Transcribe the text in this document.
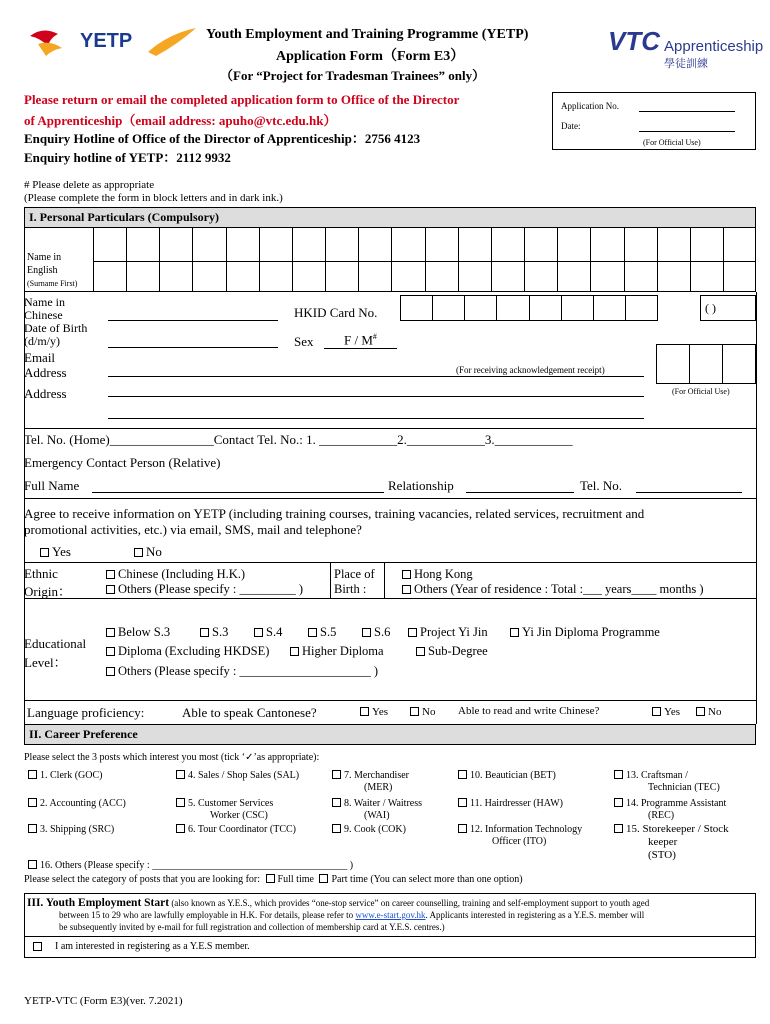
YETP	Youth Employment and Training Programme (YETP)
Application Form（Form E3）
（For “Project for Tradesman Trainees” only）
VTC Apprenticeship
學徒訓練
Please return or email the completed application form to Office of the Director
of Apprenticeship（email address: apuho@vtc.edu.hk）
Enquiry Hotline of Office of the Director of Apprenticeship：2756 4123
Enquiry hotline of YETP：2112 9932
Application No.
Date:
(For Official Use)
# Please delete as appropriate
(Please complete the form in block letters and in dark ink.)
I. Personal Particulars (Compulsory)
Name in
English
(Surname First)
Name in
Chinese	HKID Card No.	( )
Date of Birth
(d/m/y)	Sex	F / M#
(For Official Use)
Email
Address	(For receiving acknowledgement receipt)
Address
Tel. No. (Home)________________Contact Tel. No.: 1. ____________2.____________3.____________
Emergency Contact Person (Relative)
Full Name	Relationship	Tel. No.
Agree to receive information on YETP (including training courses, training vacancies, related services, recruitment and
promotional activities, etc.) via email, SMS, mail and telephone?
Yes	No
Ethnic
Origin：
Chinese (Including H.K.)
Others (Please specify : _________ )
Place of
Birth :
Hong Kong
Others (Year of residence : Total :___ years____ months )
Educational
Level：
Below S.3	S.3	S.4	S.5	S.6	Project Yi Jin	Yi Jin Diploma Programme
Diploma (Excluding HKDSE)	Higher Diploma	Sub-Degree
Others (Please specify : _____________________ )
Language proficiency:	Able to speak Cantonese?	Yes	No Able to read and write Chinese?	Yes	No
II. Career Preference
Please select the 3 posts which interest you most (tick ‘✓’as appropriate):
1. Clerk (GOC)
2. Accounting (ACC)
3. Shipping (SRC)
4. Sales / Shop Sales (SAL)
5. Customer Services
Worker (CSC)
6. Tour Coordinator (TCC)
7. Merchandiser
(MER)
8. Waiter / Waitress
(WAI)
9. Cook (COK)
10. Beautician (BET)
11. Hairdresser (HAW)
12. Information Technology
Officer (ITO)
13. Craftsman /
Technician (TEC)
14. Programme Assistant
(REC)
15. Storekeeper / Stock
keeper
(STO)
16. Others (Please specify : _______________________________________ )
Please select the category of posts that you are looking for: Full time Part time (You can select more than one option)
III. Youth Employment Start (also known as Y.E.S., which provides “one-stop service” on career counselling, training and self-employment support to youth aged
between 15 to 29 who are lawfully employable in H.K. For details, please refer to www.e-start.gov.hk. Applicants interested in registering as a Y.E.S. member will
be subsequently invited by e-mail for full registration and collection of membership card at Y.E.S. centres.)
I am interested in registering as a Y.E.S member.
YETP-VTC (Form E3)(ver. 7.2021)
